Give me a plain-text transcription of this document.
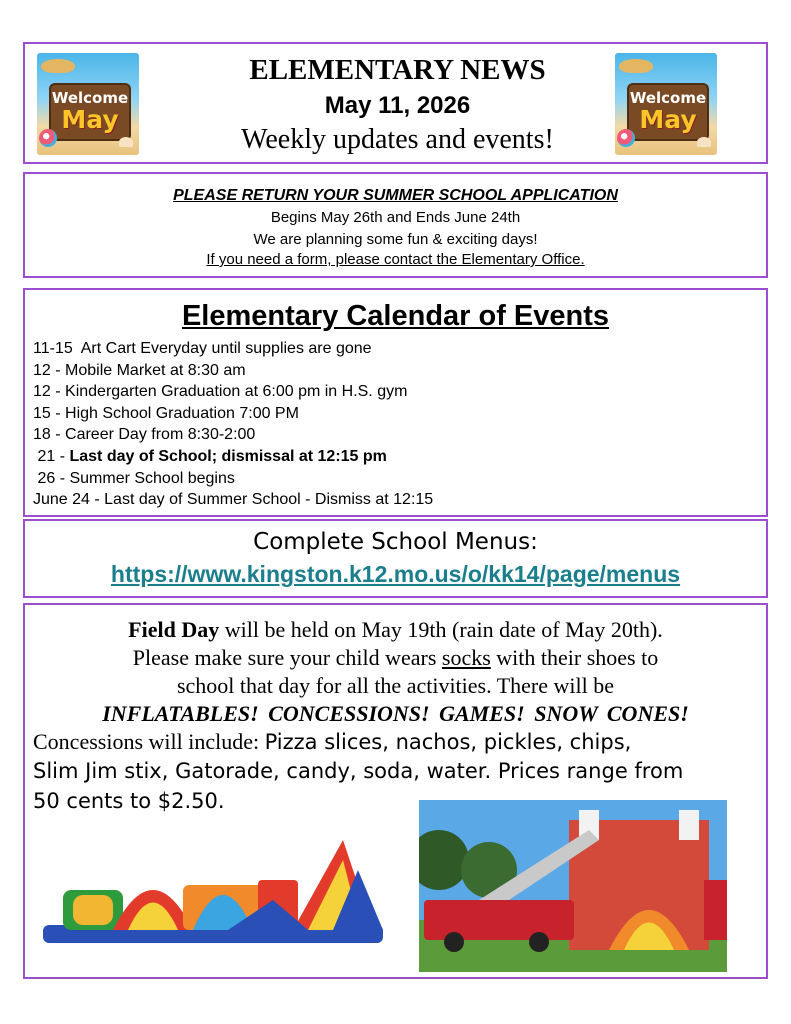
Welcome
May
ELEMENTARY NEWS
May 11, 2026
Weekly updates and events!
Welcome
May
PLEASE RETURN YOUR SUMMER SCHOOL APPLICATION
Begins May 26th and Ends June 24th
We are planning some fun & exciting days!
If you need a form, please contact the Elementary Office.
Elementary Calendar of Events
11-15  Art Cart Everyday until supplies are gone
12 - Mobile Market at 8:30 am
12 - Kindergarten Graduation at 6:00 pm in H.S. gym
15 - High School Graduation 7:00 PM
18 - Career Day from 8:30-2:00
21 - Last day of School; dismissal at 12:15 pm
26 - Summer School begins
June 24 - Last day of Summer School - Dismiss at 12:15
Complete School Menus:
https://www.kingston.k12.mo.us/o/kk14/page/menus
Field Day will be held on May 19th (rain date of May 20th).
Please make sure your child wears socks with their shoes to
school that day for all the activities. There will be
INFLATABLES! CONCESSIONS! GAMES! SNOW CONES!
Concessions will include: Pizza slices, nachos, pickles, chips,
Slim Jim stix, Gatorade, candy, soda, water. Prices range from
50 cents to $2.50.
